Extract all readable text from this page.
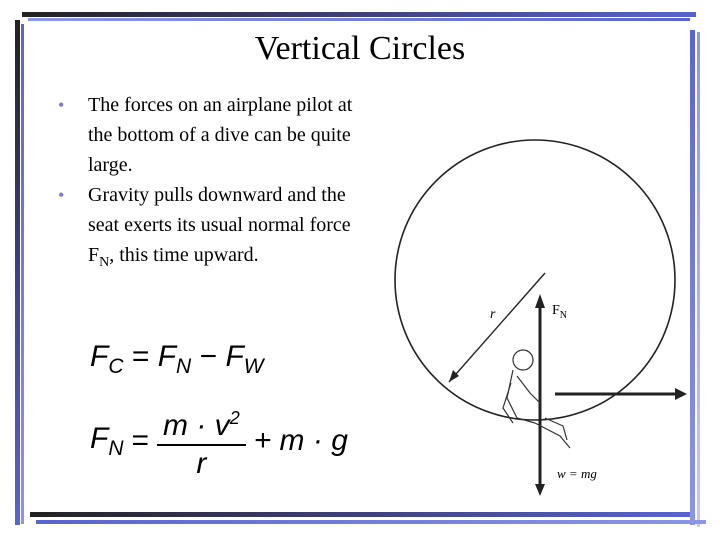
Vertical Circles
• The forces on an airplane pilot at the bottom of a dive can be quite large.
• Gravity pulls downward and the seat exerts its usual normal force $F_N$, this time upward.
$F_C = F_N - F_W$
$F_N = \frac{m \cdot v^2}{r} + m \cdot g$
r	$F_N$
w = mg
